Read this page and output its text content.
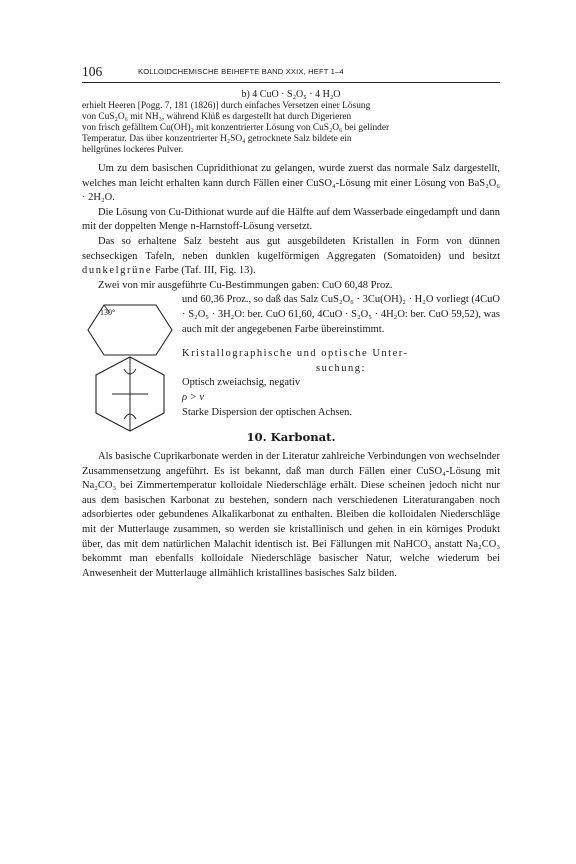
106	KOLLOIDCHEMISCHE BEIHEFTE BAND XXIX, HEFT 1–4
b) 4 CuO · S₂O₅ · 4 H₂O
erhielt Heeren [Pogg. 7, 181 (1826)] durch einfaches Versetzen einer Lösung
von CuS₂O₆ mit NH₃, während Klüß es dargestellt hat durch Digerieren
von frisch gefälltem Cu(OH)₂ mit konzentrierter Lösung von CuS₂O₆ bei gelinder
Temperatur. Das über konzentrierter H₂SO₄ getrocknete Salz bildete ein
hellgrünes lockeres Pulver.

Um zu dem basischen Cupridithionat zu gelangen, wurde zuerst das normale Salz dargestellt, welches man leicht erhalten kann durch Fällen einer CuSO₄-Lösung mit einer Lösung von BaS₂O₆ · 2H₂O.

Die Lösung von Cu-Dithionat wurde auf die Hälfte auf dem Wasserbade eingedampft und dann mit der doppelten Menge n-Harnstoff-Lösung versetzt.

Das so erhaltene Salz besteht aus gut ausgebildeten Kristallen in Form von dünnen sechseckigen Tafeln, neben dunklen kugelförmigen Aggregaten (Somatoiden) und besitzt dunkelgrüne Farbe (Taf. III, Fig. 13).

Zwei von mir ausgeführte Cu-Bestimmungen gaben: CuO 60,48 Proz.

130°

und 60,36 Proz., so daß das Salz CuS₂O₆ · 3Cu(OH)₂ · H₂O vorliegt (4CuO · S₂O₅ · 3H₂O: ber. CuO 61,60, 4CuO · S₂O₅ · 4H₂O: ber. CuO 59,52), was auch mit der angegebenen Farbe übereinstimmt.

Kristallographische und optische Unter-
suchung:
Optisch zweiachsig, negativ
ρ > ν
Starke Dispersion der optischen Achsen.
10. Karbonat.

Als basische Cuprikarbonate werden in der Literatur zahlreiche Verbindungen von wechselnder Zusammensetzung angeführt. Es ist bekannt, daß man durch Fällen einer CuSO₄-Lösung mit Na₂CO₃ bei Zimmertemperatur kolloidale Niederschläge erhält. Diese scheinen jedoch nicht nur aus dem basischen Karbonat zu bestehen, sondern nach verschiedenen Literaturangaben noch adsorbiertes oder gebundenes Alkalikarbonat zu enthalten. Bleiben die kolloidalen Niederschläge mit der Mutterlauge zusammen, so werden sie kristallinisch und gehen in ein körniges Produkt über, das mit dem natürlichen Malachit identisch ist. Bei Fällungen mit NaHCO₃ anstatt Na₂CO₃ bekommt man ebenfalls kolloidale Niederschläge basischer Natur, welche wiederum bei Anwesenheit der Mutterlauge allmählich kristallines basisches Salz bilden.
